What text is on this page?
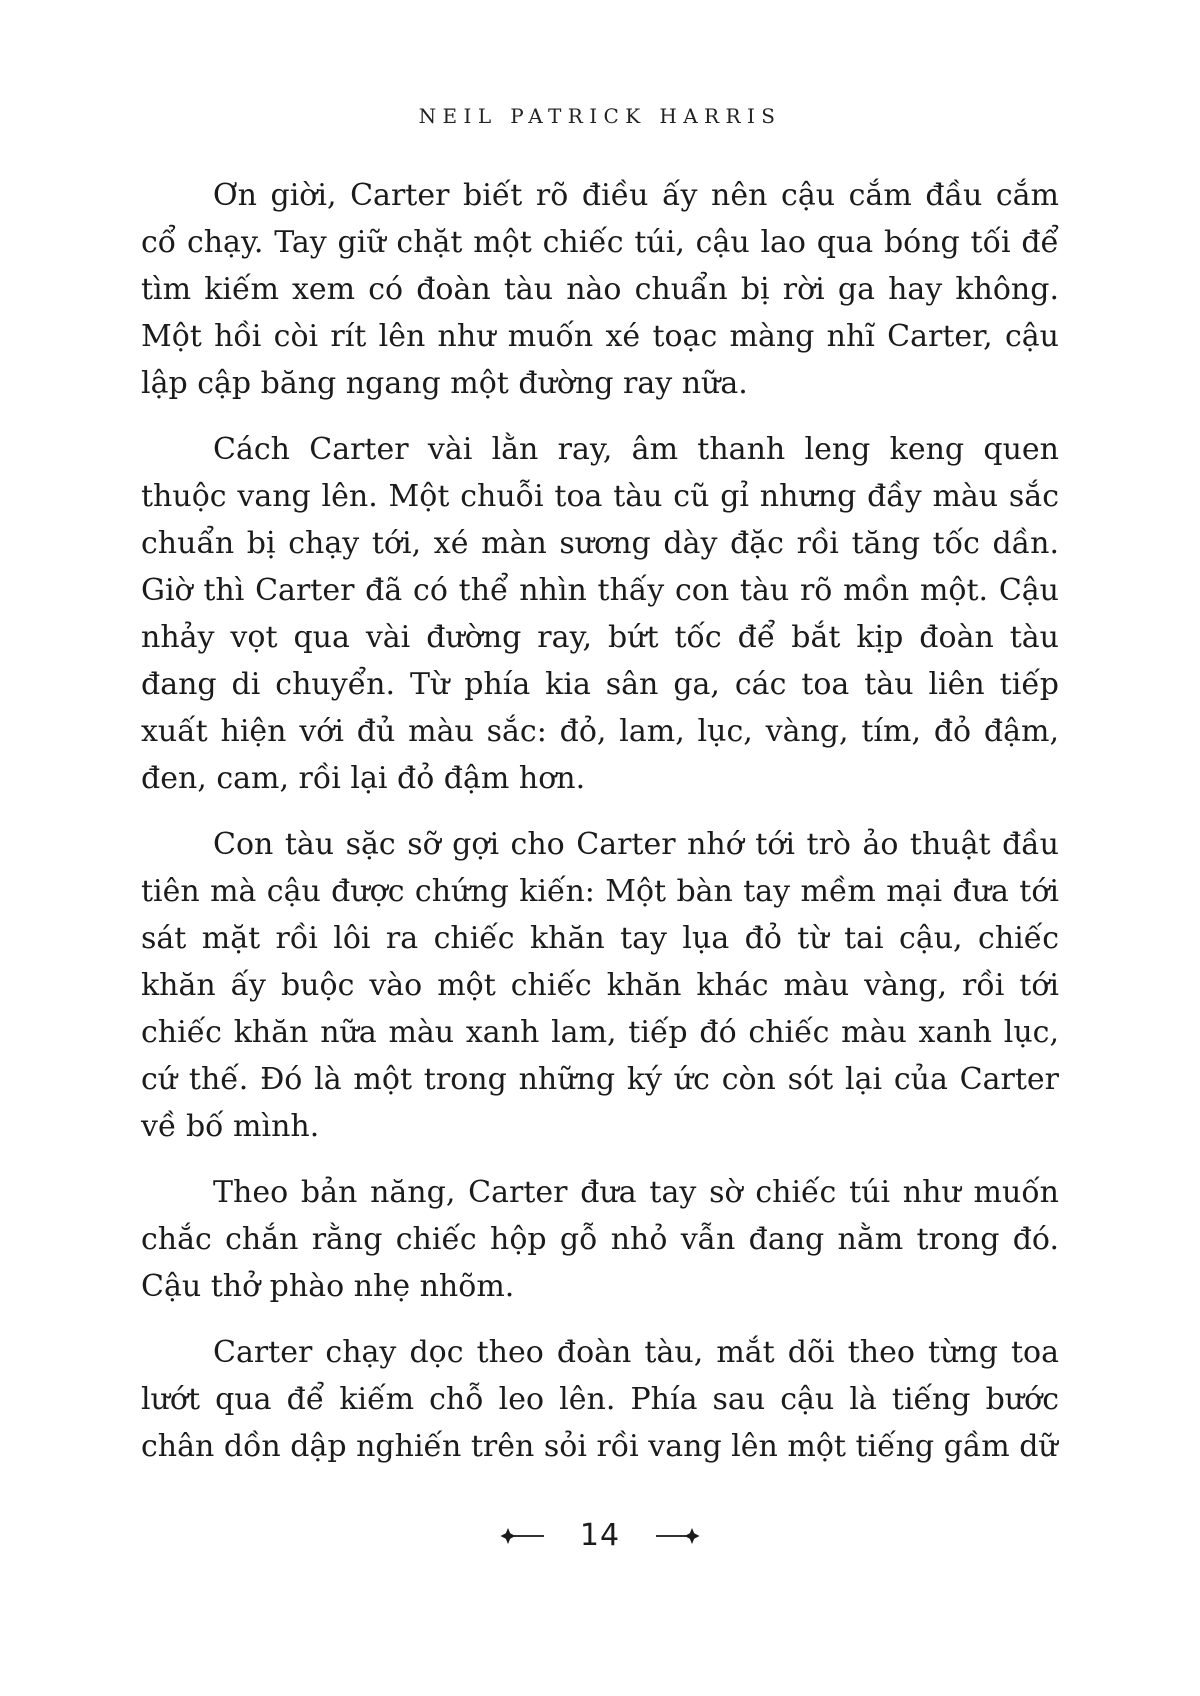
NEIL PATRICK HARRIS

Ơn giời, Carter biết rõ điều ấy nên cậu cắm đầu cắm cổ chạy. Tay giữ chặt một chiếc túi, cậu lao qua bóng tối để tìm kiếm xem có đoàn tàu nào chuẩn bị rời ga hay không. Một hồi còi rít lên như muốn xé toạc màng nhĩ Carter, cậu lập cập băng ngang một đường ray nữa.

Cách Carter vài lằn ray, âm thanh leng keng quen thuộc vang lên. Một chuỗi toa tàu cũ gỉ nhưng đầy màu sắc chuẩn bị chạy tới, xé màn sương dày đặc rồi tăng tốc dần. Giờ thì Carter đã có thể nhìn thấy con tàu rõ mồn một. Cậu nhảy vọt qua vài đường ray, bứt tốc để bắt kịp đoàn tàu đang di chuyển. Từ phía kia sân ga, các toa tàu liên tiếp xuất hiện với đủ màu sắc: đỏ, lam, lục, vàng, tím, đỏ đậm, đen, cam, rồi lại đỏ đậm hơn.

Con tàu sặc sỡ gợi cho Carter nhớ tới trò ảo thuật đầu tiên mà cậu được chứng kiến: Một bàn tay mềm mại đưa tới sát mặt rồi lôi ra chiếc khăn tay lụa đỏ từ tai cậu, chiếc khăn ấy buộc vào một chiếc khăn khác màu vàng, rồi tới chiếc khăn nữa màu xanh lam, tiếp đó chiếc màu xanh lục, cứ thế. Đó là một trong những ký ức còn sót lại của Carter về bố mình.

Theo bản năng, Carter đưa tay sờ chiếc túi như muốn chắc chắn rằng chiếc hộp gỗ nhỏ vẫn đang nằm trong đó. Cậu thở phào nhẹ nhõm.

Carter chạy dọc theo đoàn tàu, mắt dõi theo từng toa lướt qua để kiếm chỗ leo lên. Phía sau cậu là tiếng bước chân dồn dập nghiến trên sỏi rồi vang lên một tiếng gầm dữ

14
